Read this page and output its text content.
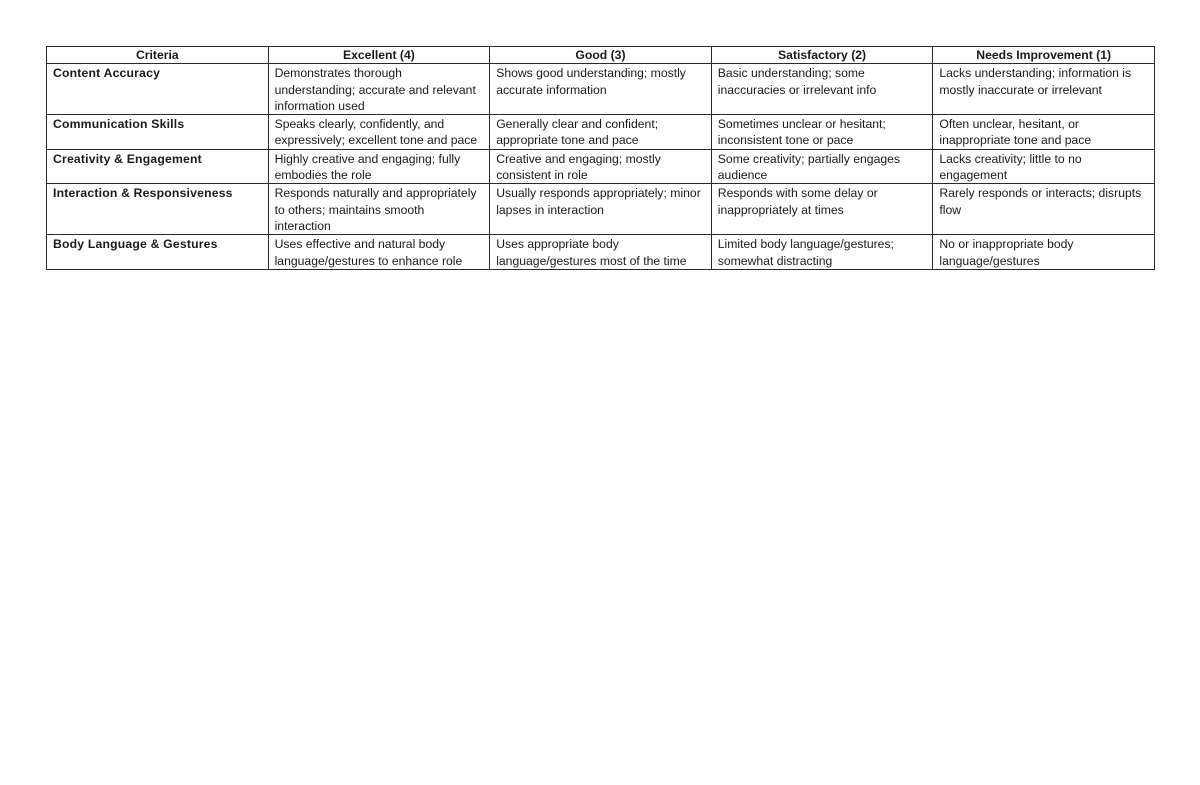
Criteria	Excellent (4)	Good (3)	Satisfactory (2)	Needs Improvement (1)
Content Accuracy	Demonstrates thorough understanding; accurate and relevant information used	Shows good understanding; mostly accurate information	Basic understanding; some inaccuracies or irrelevant info	Lacks understanding; information is mostly inaccurate or irrelevant
Communication Skills	Speaks clearly, confidently, and expressively; excellent tone and pace	Generally clear and confident; appropriate tone and pace	Sometimes unclear or hesitant; inconsistent tone or pace	Often unclear, hesitant, or inappropriate tone and pace
Creativity & Engagement	Highly creative and engaging; fully embodies the role	Creative and engaging; mostly consistent in role	Some creativity; partially engages audience	Lacks creativity; little to no engagement
Interaction & Responsiveness	Responds naturally and appropriately to others; maintains smooth interaction	Usually responds appropriately; minor lapses in interaction	Responds with some delay or inappropriately at times	Rarely responds or interacts; disrupts flow
Body Language & Gestures	Uses effective and natural body language/gestures to enhance role	Uses appropriate body language/gestures most of the time	Limited body language/gestures; somewhat distracting	No or inappropriate body language/gestures
